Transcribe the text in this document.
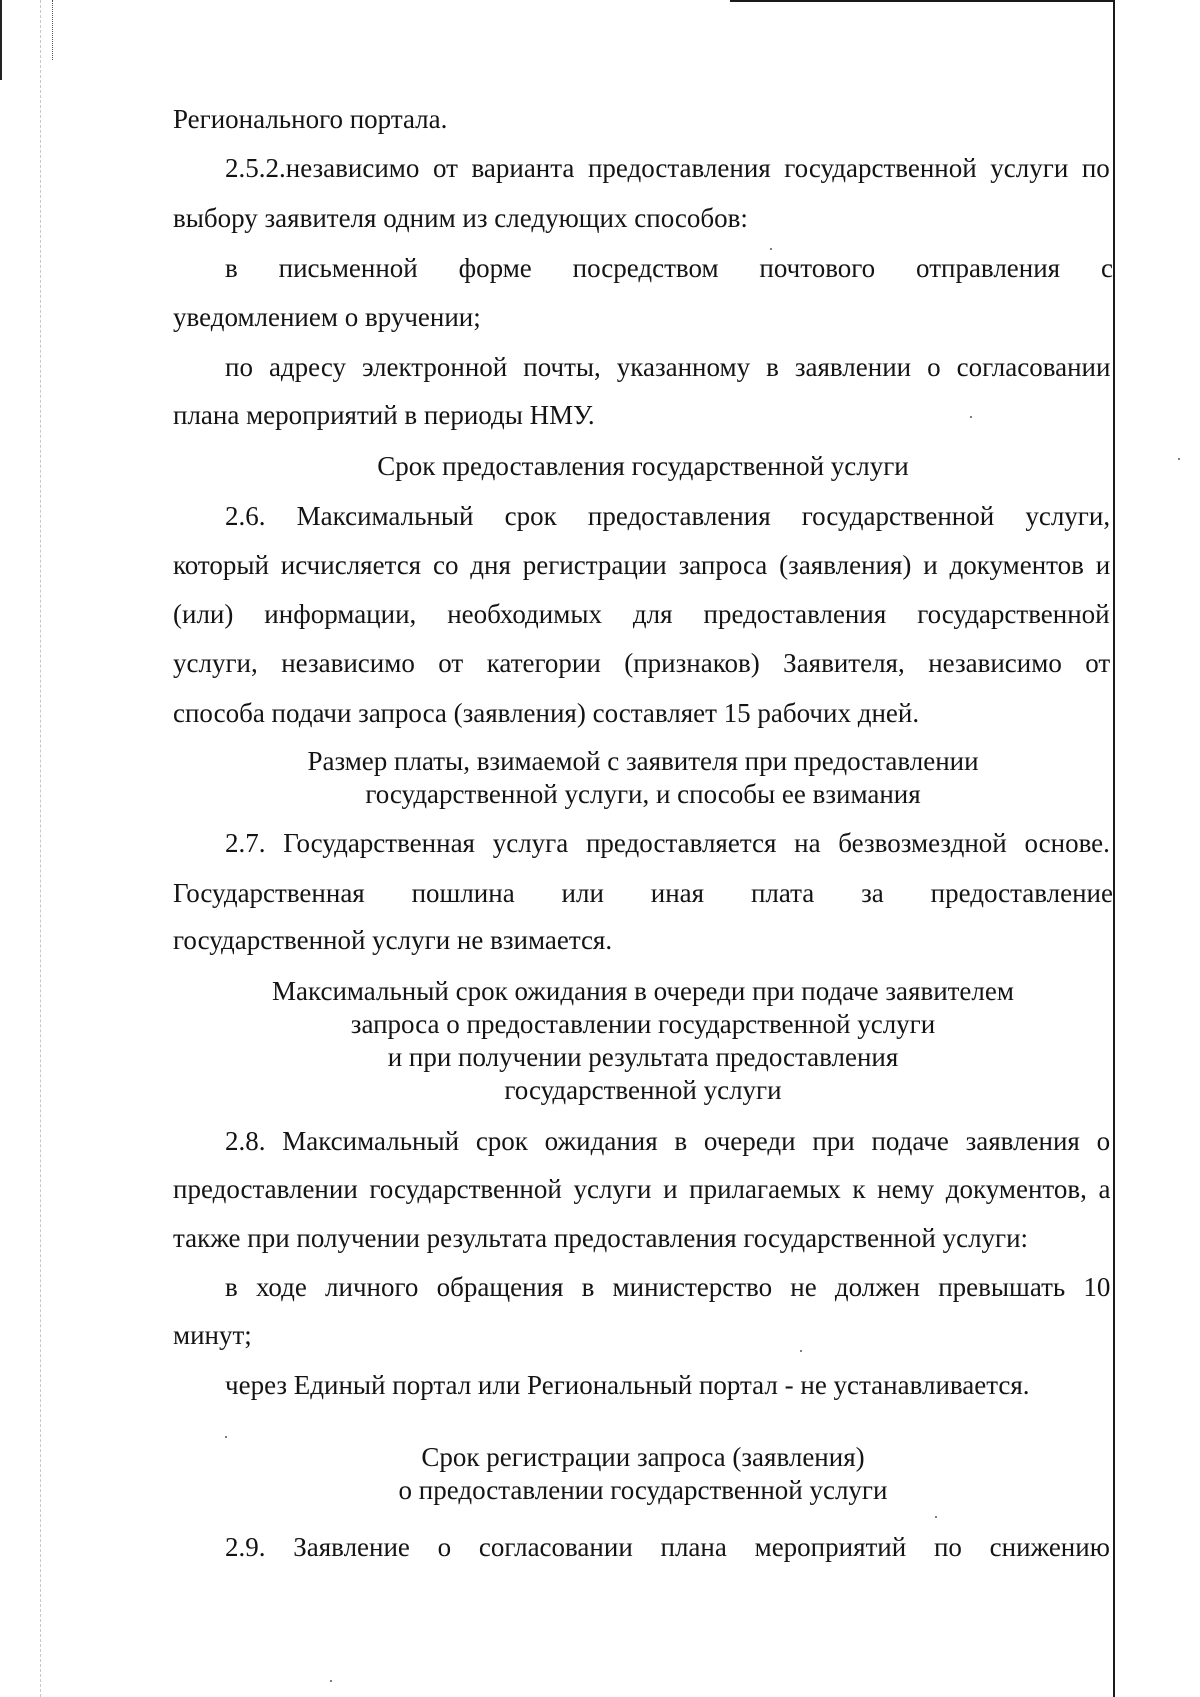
Регионального портала.
2.5.2.независимо от варианта предоставления государственной услуги по
выбору заявителя одним из следующих способов:
в письменной форме посредством почтового отправления с
уведомлением о вручении;
по адресу электронной почты, указанному в заявлении о согласовании
плана мероприятий в периоды НМУ.
Срок предоставления государственной услуги
2.6. Максимальный срок предоставления государственной услуги,
который исчисляется со дня регистрации запроса (заявления) и документов и
(или) информации, необходимых для предоставления государственной
услуги, независимо от категории (признаков) Заявителя, независимо от
способа подачи запроса (заявления) составляет 15 рабочих дней.
Размер платы, взимаемой с заявителя при предоставлении
государственной услуги, и способы ее взимания
2.7. Государственная услуга предоставляется на безвозмездной основе.
Государственная пошлина или иная плата за предоставление
государственной услуги не взимается.
Максимальный срок ожидания в очереди при подаче заявителем
запроса о предоставлении государственной услуги
и при получении результата предоставления
государственной услуги
2.8. Максимальный срок ожидания в очереди при подаче заявления о
предоставлении государственной услуги и прилагаемых к нему документов, а
также при получении результата предоставления государственной услуги:
в ходе личного обращения в министерство не должен превышать 10
минут;
через Единый портал или Региональный портал - не устанавливается.
Срок регистрации запроса (заявления)
о предоставлении государственной услуги
2.9. Заявление о согласовании плана мероприятий по снижению
